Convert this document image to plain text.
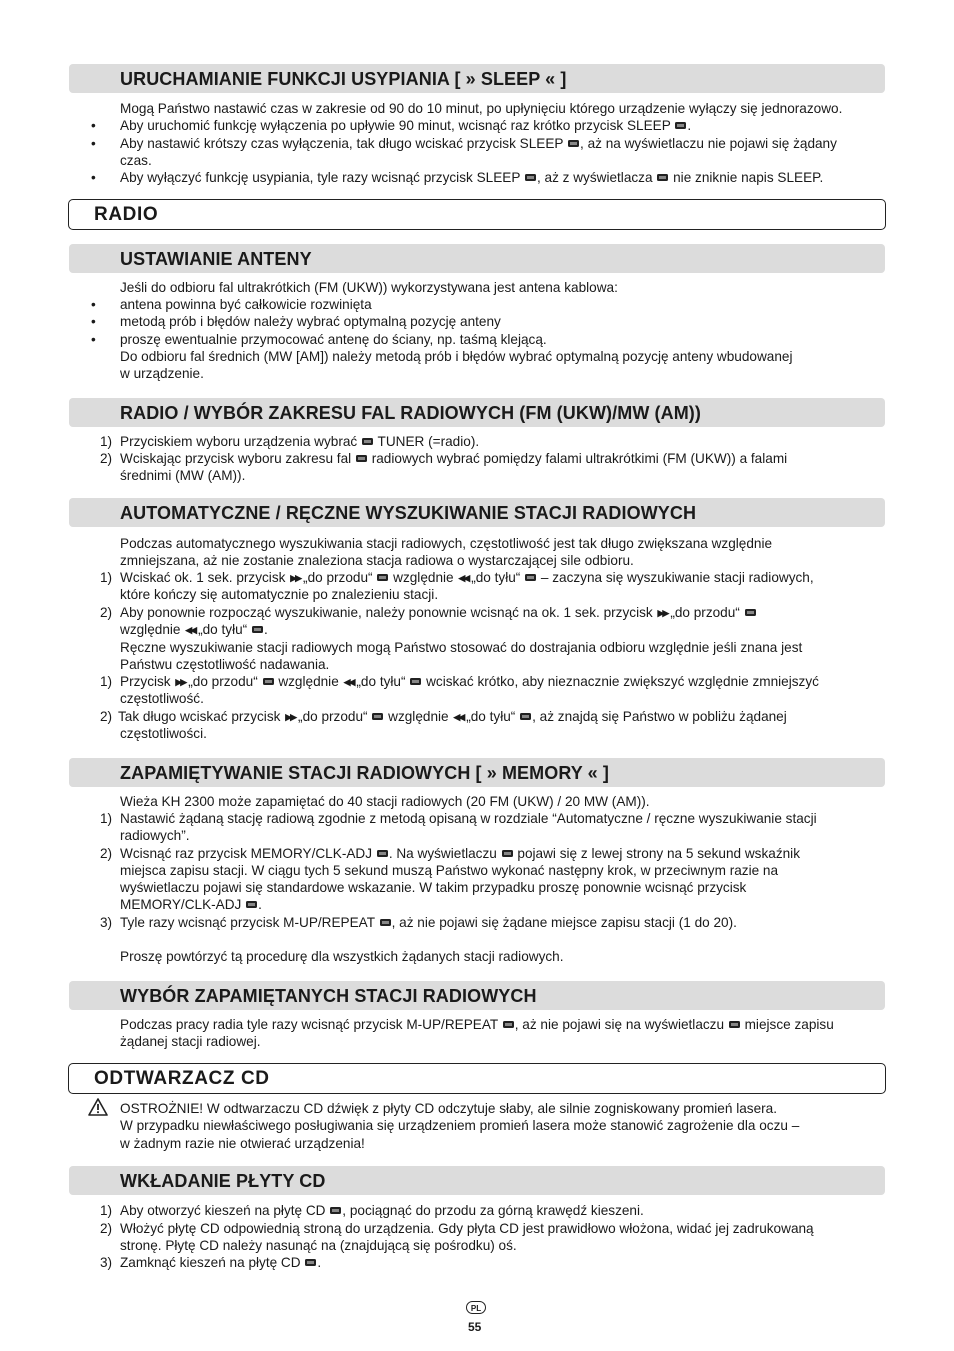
URUCHAMIANIE FUNKCJI USYPIANIA [ » SLEEP « ]
Mogą Państwo nastawić czas w zakresie od 90 do 10 minut, po upłynięciu którego urządzenie wyłączy się jednorazowo.
• Aby uruchomić funkcję wyłączenia po upływie 90 minut, wcisnąć raz krótko przycisk SLEEP .
• Aby nastawić krótszy czas wyłączenia, tak długo wciskać przycisk SLEEP , aż na wyświetlaczu nie pojawi się żądany
czas.
• Aby wyłączyć funkcję usypiania, tyle razy wcisnąć przycisk SLEEP , aż z wyświetlacza nie zniknie napis SLEEP.
RADIO
USTAWIANIE ANTENY
Jeśli do odbioru fal ultrakrótkich (FM (UKW)) wykorzystywana jest antena kablowa:
• antena powinna być całkowicie rozwinięta
• metodą prób i błędów należy wybrać optymalną pozycję anteny
• proszę ewentualnie przymocować antenę do ściany, np. taśmą klejącą.
Do odbioru fal średnich (MW [AM]) należy metodą prób i błędów wybrać optymalną pozycję anteny wbudowanej
w urządzenie.
RADIO / WYBÓR ZAKRESU FAL RADIOWYCH (FM (UKW)/MW (AM))
1) Przyciskiem wyboru urządzenia wybrać TUNER (=radio).
2) Wciskając przycisk wyboru zakresu fal radiowych wybrać pomiędzy falami ultrakrótkimi (FM (UKW)) a falami
średnimi (MW (AM)).
AUTOMATYCZNE / RĘCZNE WYSZUKIWANIE STACJI RADIOWYCH
Podczas automatycznego wyszukiwania stacji radiowych, częstotliwość jest tak długo zwiększana względnie
zmniejszana, aż nie zostanie znaleziona stacja radiowa o wystarczającej sile odbioru.
1) Wciskać ok. 1 sek. przycisk ▶▶ „do przodu“ względnie ◀◀ „do tyłu“ – zaczyna się wyszukiwanie stacji radiowych,
które kończy się automatycznie po znalezieniu stacji.
2) Aby ponownie rozpocząć wyszukiwanie, należy ponownie wcisnąć na ok. 1 sek. przycisk ▶▶ „do przodu“
względnie ◀◀ „do tyłu“ .
Ręczne wyszukiwanie stacji radiowych mogą Państwo stosować do dostrajania odbioru względnie jeśli znana jest
Państwu częstotliwość nadawania.
1) Przycisk ▶▶ „do przodu“ względnie ◀◀ „do tyłu“ wciskać krótko, aby nieznacznie zwiększyć względnie zmniejszyć
częstotliwość.
2) Tak długo wciskać przycisk ▶▶ „do przodu“ względnie ◀◀ „do tyłu“ , aż znajdą się Państwo w pobliżu żądanej
częstotliwości.
ZAPAMIĘTYWANIE STACJI RADIOWYCH [ » MEMORY « ]
Wieża KH 2300 może zapamiętać do 40 stacji radiowych (20 FM (UKW) / 20 MW (AM)).
1) Nastawić żądaną stację radiową zgodnie z metodą opisaną w rozdziale “Automatyczne / ręczne wyszukiwanie stacji
radiowych”.
2) Wcisnąć raz przycisk MEMORY/CLK-ADJ . Na wyświetlaczu pojawi się z lewej strony na 5 sekund wskaźnik
miejsca zapisu stacji. W ciągu tych 5 sekund muszą Państwo wykonać następny krok, w przeciwnym razie na
wyświetlaczu pojawi się standardowe wskazanie. W takim przypadku proszę ponownie wcisnąć przycisk
MEMORY/CLK-ADJ .
3) Tyle razy wcisnąć przycisk M-UP/REPEAT , aż nie pojawi się żądane miejsce zapisu stacji (1 do 20).
Proszę powtórzyć tą procedurę dla wszystkich żądanych stacji radiowych.
WYBÓR ZAPAMIĘTANYCH STACJI RADIOWYCH
Podczas pracy radia tyle razy wcisnąć przycisk M-UP/REPEAT , aż nie pojawi się na wyświetlaczu miejsce zapisu
żądanej stacji radiowej.
ODTWARZACZ CD
OSTROŻNIE! W odtwarzaczu CD dźwięk z płyty CD odczytuje słaby, ale silnie zogniskowany promień lasera.
W przypadku niewłaściwego posługiwania się urządzeniem promień lasera może stanowić zagrożenie dla oczu –
w żadnym razie nie otwierać urządzenia!
WKŁADANIE PŁYTY CD
1) Aby otworzyć kieszeń na płytę CD , pociągnąć do przodu za górną krawędź kieszeni.
2) Włożyć płytę CD odpowiednią stroną do urządzenia. Gdy płyta CD jest prawidłowo włożona, widać jej zadrukowaną
stronę. Płytę CD należy nasunąć na (znajdującą się pośrodku) oś.
3) Zamknąć kieszeń na płytę CD .
PL
55
